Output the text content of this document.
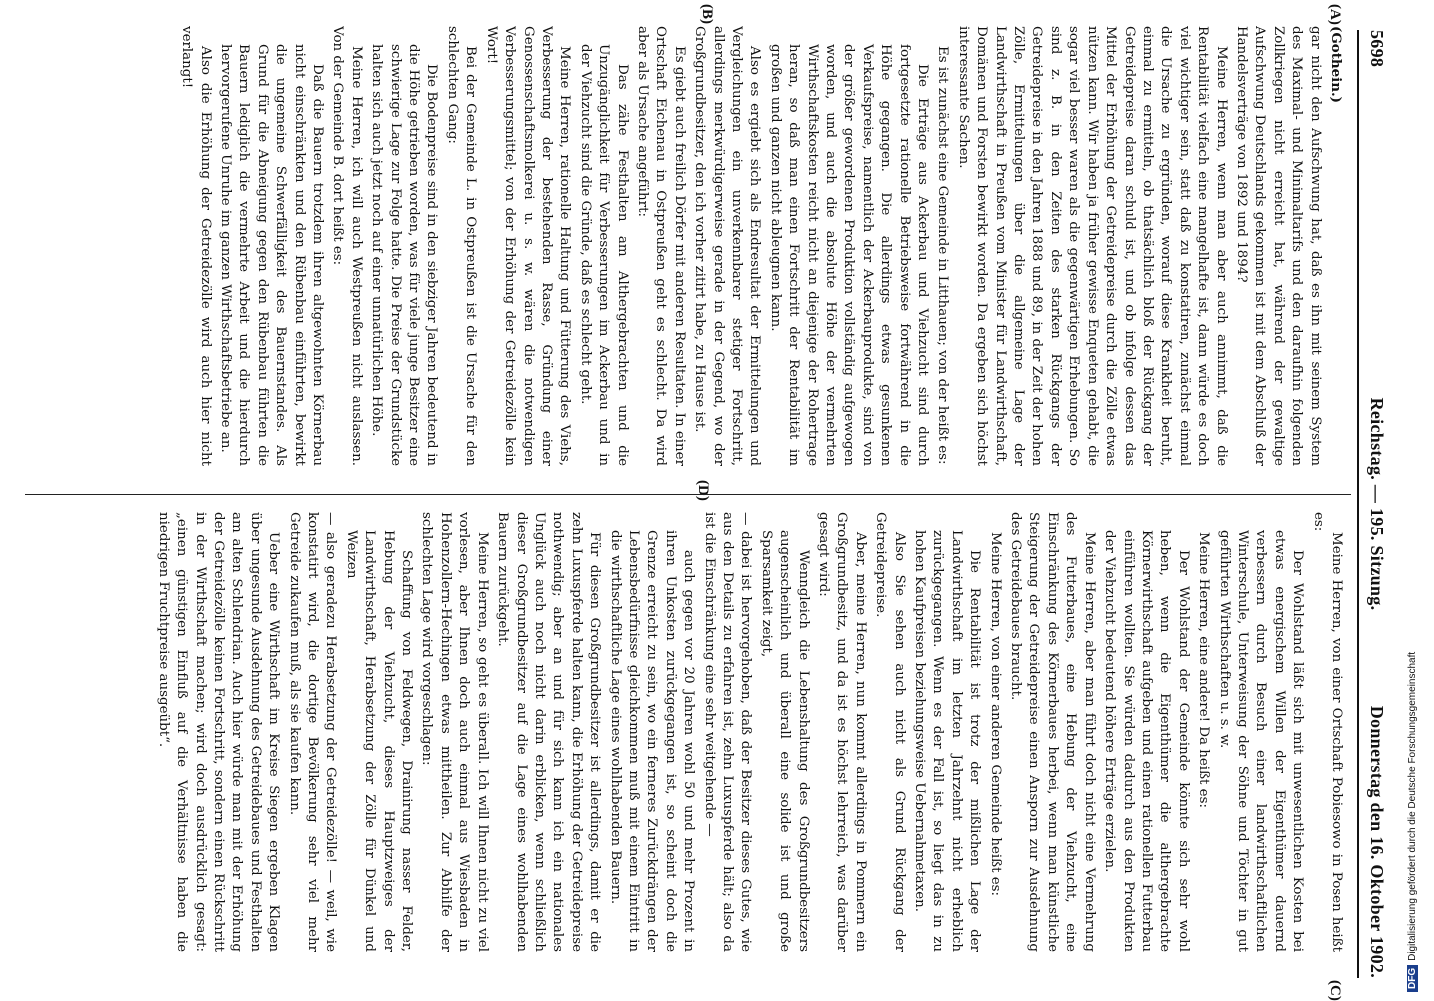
5698
Reichstag. — 195. Sitzung.
Donnerstag den 16. Oktober 1902.
(A)
(B)
(C)
(D)

(Gothein.)

gar nicht den Aufschwung hat, daß es ihn mit seinem System des Maximal- und Minimaltarifs und den daraufhin folgenden Zollkriegen nicht erreicht hat, während der gewaltige Aufschwung Deutschlands gekommen ist mit dem Abschluß der Handelsverträge von 1892 und 1894?

Meine Herren, wenn man aber auch annimmt, daß die Rentabilität vielfach eine mangelhafte ist, dann würde es doch viel wichtiger sein, statt daß zu konstatiren, zunächst einmal die Ursache zu ergründen, worauf diese Krankheit beruht, einmal zu ermitteln, ob thatsächlich bloß der Rückgang der Getreidepreise daran schuld ist, und ob infolge dessen das Mittel der Erhöhung der Getreidepreise durch die Zölle etwas nützen kann. Wir haben ja früher gewisse Enqueten gehabt, die sogar viel besser waren als die gegenwärtigen Erhebungen. So sind z. B. in den Zeiten des starken Rückgangs der Getreidepreise in den Jahren 1888 und 89, in der Zeit der hohen Zölle, Ermittelungen über die allgemeine Lage der Landwirthschaft in Preußen vom Minister für Landwirthschaft, Domänen und Forsten bewirkt worden. Da ergeben sich höchst interessante Sachen.

Es ist zunächst eine Gemeinde in Litthauen; von der heißt es:

Die Erträge aus Ackerbau und Viehzucht sind durch fortgesetzte rationelle Betriebsweise fortwährend in die Höhe gegangen. Die allerdings etwas gesunkenen Verkaufspreise, namentlich der Ackerbauprodukte, sind von der größer gewordenen Produktion vollständig aufgewogen worden, und auch die absolute Höhe der vermehrten Wirthschaftskosten reicht nicht an diejenige der Rohertrage heran, so daß man einen Fortschritt der Rentabilität im großen und ganzen nicht ableugnen kann.

Also es ergiebt sich als Endresultat der Ermittelungen und Vergleichungen ein unverkennbarer stetiger Fortschritt, allerdings merkwürdigerweise gerade in der Gegend, wo der Großgrundbesitzer, den ich vorher zitirt habe, zu Hause ist.

Es giebt auch freilich Dörfer mit anderen Resultaten. In einer Ortschaft Eichenau in Ostpreußen geht es schlecht. Da wird aber als Ursache angeführt:

Das zähe Festhalten am Althergebrachten und die Unzugänglichkeit für Verbesserungen im Ackerbau und in der Viehzucht sind die Gründe, daß es schlecht geht.

Meine Herren, rationelle Haltung und Fütterung des Viehs, Verbesserung der bestehenden Rasse, Gründung einer Genossenschaftsmolkerei u. s. w. wären die notwendigen Verbesserungsmittel; von der Erhöhung der Getreidezölle kein Wort!

Bei der Gemeinde L. in Ostpreußen ist die Ursache für den schlechten Gang:

Die Bodenpreise sind in den siebziger Jahren bedeutend in die Höhe getrieben worden, was für viele junge Besitzer eine schwierige Lage zur Folge hatte. Die Preise der Grundstücke halten sich auch jetzt noch auf einer unnatürlichen Höhe.

Meine Herren, ich will auch Westpreußen nicht auslassen. Von der Gemeinde B. dort heißt es:

Daß die Bauern trotzdem ihren altgewohnten Körnerbau nicht einschränkten und den Rübenbau einführten, bewirkt die ungemeine Schwerfälligkeit des Bauernstandes. Als Grund für die Abneigung gegen den Rübenbau führten die Bauern lediglich die vermehrte Arbeit und die hierdurch hervorgerufene Unruhe im ganzen Wirthschaftsbetriebe an.

Also die Erhöhung der Getreidezölle wird auch hier nicht verlangt!

Meine Herren, von einer Ortschaft Pobiesowo in Posen heißt es:

Der Wohlstand läßt sich mit unwesentlichen Kosten bei etwas energischem Willen der Eigenthümer dauernd verbessern durch Besuch einer landwirthschaftlichen Winterschule, Unterweisung der Söhne und Töchter in gut geführten Wirthschaften u. s. w.

Meine Herren, eine andere! Da heißt es:

Der Wohlstand der Gemeinde könnte sich sehr wohl heben, wenn die Eigenthümer die althergebrachte Körnerwirthschaft aufgeben und einen rationellen Futterbau einführen wollten. Sie würden dadurch aus den Produkten der Viehzucht bedeutend höhere Erträge erzielen.

Meine Herren, aber man führt doch nicht eine Vermehrung des Futterbaues, eine Hebung der Viehzucht, eine Einschränkung des Körnerbaues herbei, wenn man künstliche Steigerung der Getreidepreise einen Ansporn zur Ausdehnung des Getreidebaues braucht.

Meine Herren, von einer anderen Gemeinde heißt es:

Die Rentabilität ist trotz der mißlichen Lage der Landwirthschaft im letzten Jahrzehnt nicht erheblich zurückgegangen. Wenn es der Fall ist, so liegt das in zu hohen Kaufpreisen beziehungsweise Uebernahmetaxen.

Also Sie sehen auch nicht als Grund Rückgang der Getreidepreise.

Aber, meine Herren, nun kommt allerdings in Pommern ein Großgrundbesitz, und da ist es höchst lehrreich, was darüber gesagt wird:

Wenngleich die Lebenshaltung des Großgrundbesitzers augenscheinlich und überall eine solide ist und große Sparsamkeit zeigt,

— dabei ist hervorgehoben, daß der Besitzer dieses Gutes, wie aus den Details zu erfahren ist, zehn Luxuspferde hält; also da ist die Einschränkung eine sehr weitgehende —

auch gegen vor 20 Jahren wohl 50 und mehr Prozent in ihren Unkosten zurückgegangen ist, so scheint doch die Grenze erreicht zu sein, wo ein ferneres Zurückdrängen der Lebensbedürfnisse gleichkommen muß mit einem Eintritt in die wirthschaftliche Lage eines wohlhabenden Bauern.

Für diesen Großgrundbesitzer ist allerdings, damit er die zehn Luxuspferde halten kann, die Erhöhung der Getreidepreise nothwendig; aber an und für sich kann ich ein nationales Unglück auch noch nicht darin erblicken, wenn schließlich dieser Großgrundbesitzer auf die Lage eines wohlhabenden Bauern zurückgeht.

Meine Herren, so geht es überall. Ich will Ihnen nicht zu viel vorlesen, aber Ihnen doch auch einmal aus Wiesbaden in Hohenzollern-Hechingen etwas mittheilen. Zur Abhilfe der schlechten Lage wird vorgeschlagen:

Schaffung von Feldwegen, Drainirung nasser Felder, Hebung der Viehzucht, dieses Hauptzweiges der Landwirthschaft, Herabsetzung der Zölle für Dünkel und Weizen

— also geradezu Herabsetzung der Getreidezölle! — weil, wie konstatirt wird, die dortige Bevölkerung sehr viel mehr Getreide zukaufen muß, als sie kaufen kann.

Ueber eine Wirthschaft im Kreise Siegen ergeben Klagen über ungesunde Ausdehnung des Getreidebaues und Festhalten am alten Schlendrian. Auch hier würde man mit der Erhöhung der Getreidezölle keinen Fortschritt, sondern einen Rückschritt in der Wirthschaft machen; wird doch ausdrücklich gesagt: „einen günstigen Einfluß auf die Verhältnisse haben die niedrigen Fruchtpreise ausgeübt“.

DFGDigitalisierung gefördert durch die Deutsche Forschungsgemeinschaft
